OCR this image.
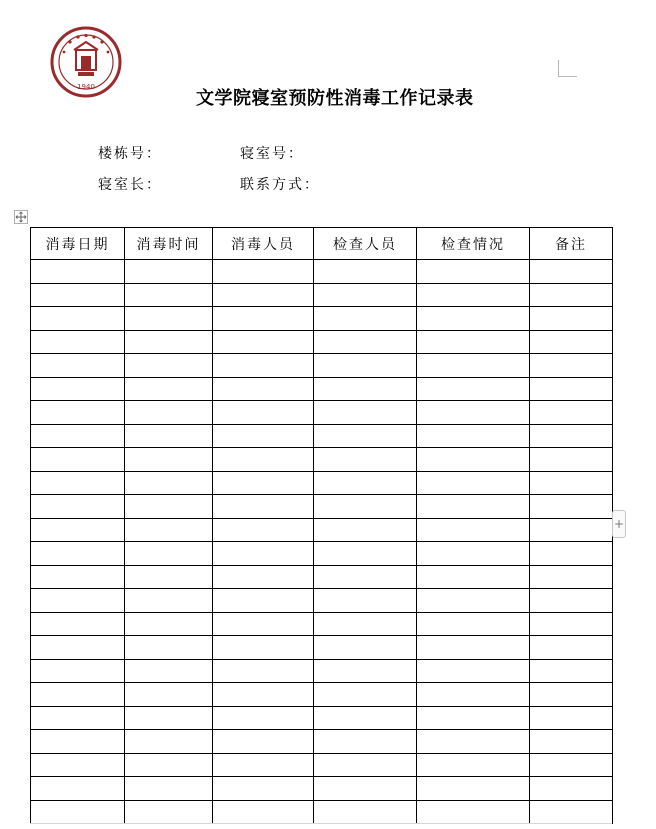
1940
文学院寝室预防性消毒工作记录表
楼栋号：	寝室号：
寝室长：	联系方式：
消毒日期	消毒时间	消毒人员	检查人员	检查情况	备注

+
